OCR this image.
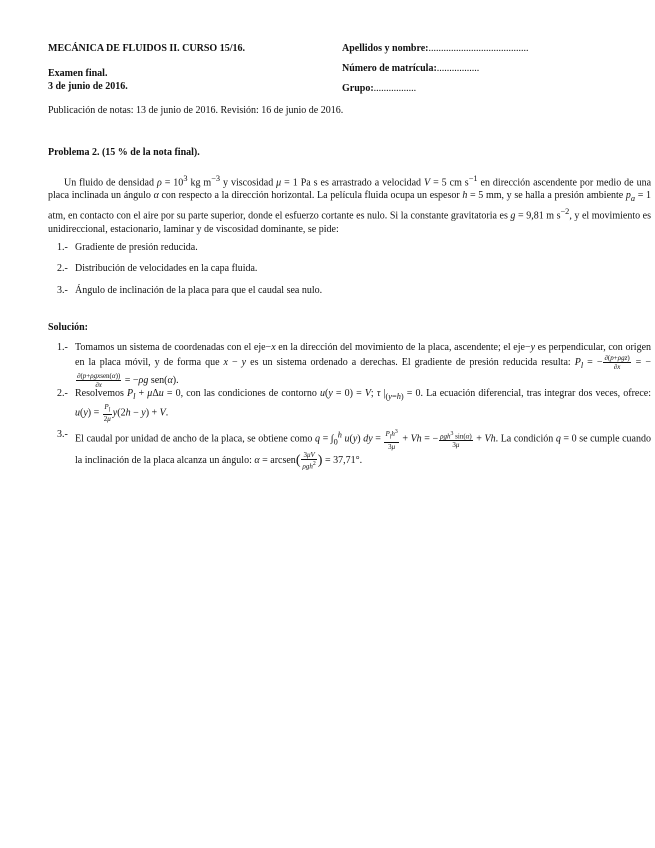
MECÁNICA DE FLUIDOS II. CURSO 15/16.
Examen final.
3 de junio de 2016.
Apellidos y nombre:........................................
Número de matrícula:.................
Grupo:.................
Publicación de notas: 13 de junio de 2016. Revisión: 16 de junio de 2016.
Problema 2. (15 % de la nota final).
Un fluido de densidad $\rho = 10^3$ kg $m^{-3}$ y viscosidad μ = 1 Pa s es arrastrado a velocidad V = 5 cm $s^{-1}$ en dirección ascendente por medio de una placa inclinada un ángulo α con respecto a la dirección horizontal. La película fluida ocupa un espesor h = 5 mm, y se halla a presión ambiente $p_a = 1$ atm, en contacto con el aire por su parte superior, donde el esfuerzo cortante es nulo. Si la constante gravitatoria es g = 9,81 m $s^{-2}$, y el movimiento es unidireccional, estacionario, laminar y de viscosidad dominante, se pide:
1.- Gradiente de presión reducida.
2.- Distribución de velocidades en la capa fluida.
3.- Ángulo de inclinación de la placa para que el caudal sea nulo.
Solución:
1.- Tomamos un sistema de coordenadas con el eje−x en la dirección del movimiento de la placa, ascendente; el eje−y es perpendicular, con origen en la placa móvil, y de forma que x − y es un sistema ordenado a derechas. El gradiente de presión reducida resulta: $P_l$ = − $\frac{\text{∂(p+ρgz)}}{\partial x}$ = −
$\frac{\text{∂(p+ρgxsen(α))}}{\partial x} = -\rho g$ sen(α).
2.- Resolvemos $P_l + \mu\Delta u = 0$, con las condiciones de contorno u(y = 0) = V; τ $|_{(y=h)} = 0$. La ecuación diferencial, tras integrar dos veces, ofrece: $u(y) = \frac{P_l}{2\mu} y(2h - y) + V$.
3.- El caudal por unidad de ancho de la placa, se obtiene como $q = \int_0^h$ u(y) dy = $\frac{P_lh^3}{3\mu} + Vh$ = − $\frac{\rho gh^3 \sin(\alpha)}{3\mu} + Vh$. La condición q = 0 se cumple cuando la inclinación de la placa alcanza un ángulo: α = arcsen( $\frac{3\mu V}{\rho gh^2}$ ) = 37,71°.
